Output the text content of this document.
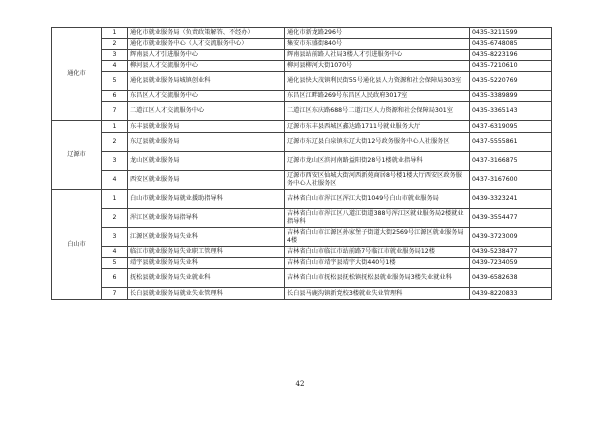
通化市	1	通化市就业服务局（负责政策解答、不经办）	通化市新龙路296号	0435-3211599
	2	通化市就业服务中心（人才交流服务中心）	集安市东盛街840号	0435-6748085
	3	辉南县人才引进服务中心	辉南县站前路人社局3楼人才引进服务中心	0435-8223196
	4	柳河县人才交流服务中心	柳河县柳河大街1070号	0435-7210610
	5	通化县就业服务局城镇创业科	通化县快大茂镇利民街55号通化县人力资源和社会保障局303室	0435-5220769
	6	东昌区人才交流服务中心	东昌区江畔路269号东昌区人民政府3017室	0435-3389899
	7	二道江区人才交流服务中心	二道江区东庆路688号二道江区人力资源和社会保障局301室	0435-3365143
辽源市	1	东丰县就业服务局	辽源市东丰县西城区鑫达路1711号就业服务大厅	0437-6319095
	2	东辽县就业服务局	辽源市东辽县白泉镇东辽大街12号政务服务中心人社服务区	0437-5555861
	3	龙山区就业服务局	辽源市龙山区滨河南路益阳街28号1楼就业指导科	0437-3166875
	4	西安区就业服务局	辽源市西安区仙城大街河西新苑商居8号楼1楼大厅西安区政务服务中心人社服务区	0437-3167600
白山市	1	白山市就业服务局就业援助指导科	吉林省白山市浑江区浑江大街1049号白山市就业服务局	0439-3323241
	2	浑江区就业服务局指导科	吉林省白山市浑江区八道江街道388号浑江区就业服务局2楼就业指导科	0439-3554477
	3	江源区就业服务局失业科	吉林省白山市江源区孙家堡子街道大街2569号江源区就业服务局4楼	0439-3723009
	4	临江市就业服务局失业职工管理科	吉林省白山市临江市站前路7号临江市就业服务局12楼	0439-5238477
	5	靖宇县就业服务局失业科	吉林省白山市靖宇县靖宇大街440号1楼	0439-7234059
	6	抚松县就业服务局失业就业科	吉林省白山市抚松县抚松镇抚松县就业服务局3楼失业就业科	0439-6582638
	7	长白县就业服务局就业失业管理科	长白县马鹿沟镇新党校3楼就业失业管理科	0439-8220833
42
